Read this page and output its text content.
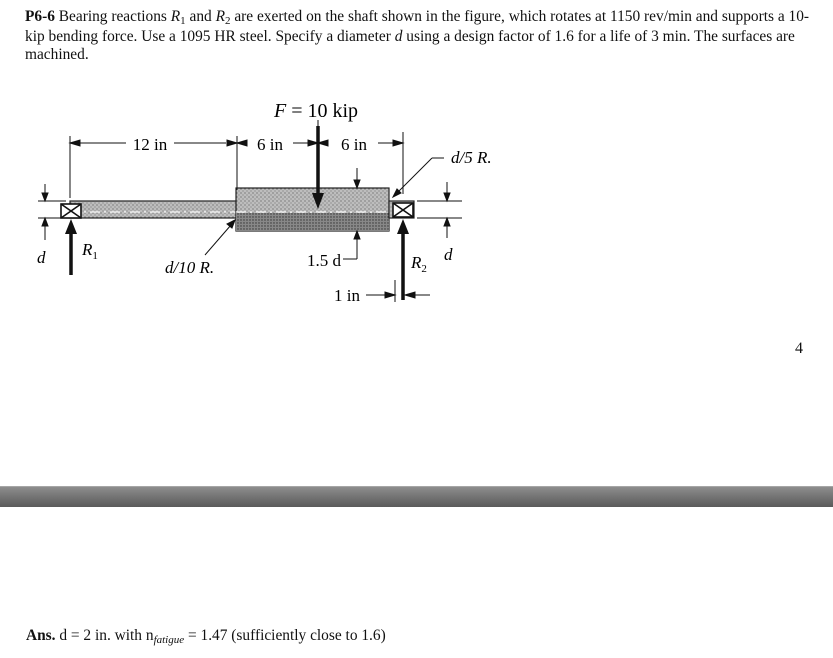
P6-6 Bearing reactions R1 and R2 are exerted on the shaft shown in the figure, which rotates at 1150 rev/min and supports a 10-kip bending force. Use a 1095 HR steel. Specify a diameter d using a design factor of 1.6 for a life of 3 min. The surfaces are machined.
F = 10 kip
12 in	6 in	6 in
d/5 R.
d/10 R.	1.5 d
1 in
d	d
$R_1$	$R_2$
4
Ans. d = 2 in. with nfatigue = 1.47 (sufficiently close to 1.6)
